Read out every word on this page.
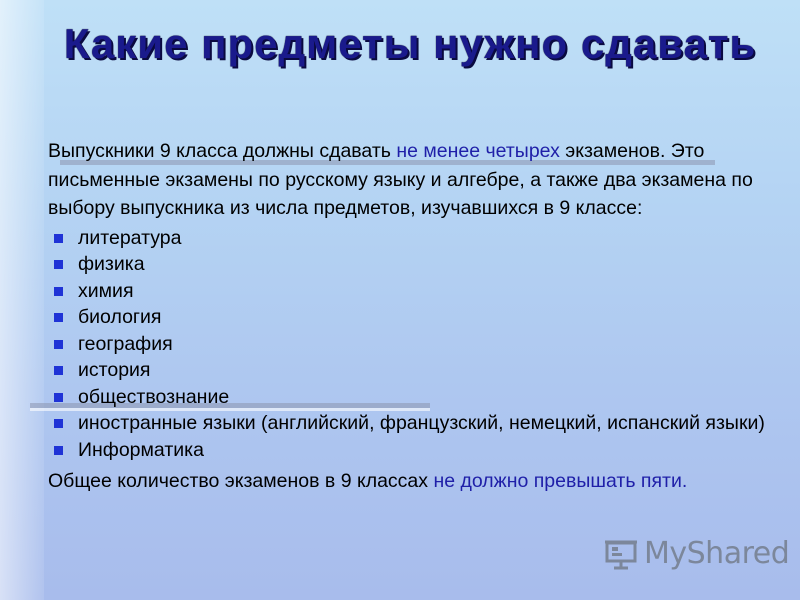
Какие предметы нужно сдавать

Выпускники 9 класса должны сдавать не менее четырех экзаменов. Это письменные экзамены по русскому языку и алгебре, а также два экзамена по выбору выпускника из числа предметов, изучавшихся в 9 классе:

литература
физика
химия
биология
география
история
обществознание
иностранные языки (английский, французский, немецкий, испанский языки)
Информатика

Общее количество экзаменов в 9 классах не должно превышать пяти.

MyShared
